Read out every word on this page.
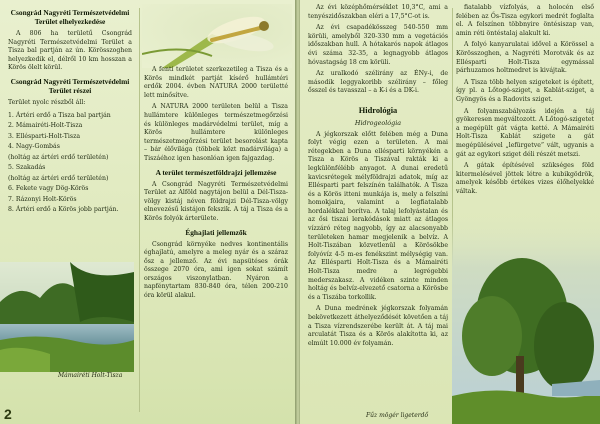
Csongrád Nagyréti Természetvédelmi Terület elhelyezkedése

A 806 ha területű Csongrád Nagyréti Természetvédelmi Terület a Tisza bal partján az ún. Körösszoghen helyezkedik el, délről 10 km hosszan a Körös ölelt körül.

Csongrád Nagyréti Természetvédelmi Terület részei

Terület nyolc részből áll:

1. Ártéri erdő a Tisza bal partján
2. Mámairéti-Holt-Tisza
3. Ellésparti-Holt-Tisza
4. Nagy-Gombás
(holtág az ártéri erdő területén)
5. Szakadás
(holtág az ártéri erdő területén)
6. Fekete vagy Dög-Körös
7. Rázonyi Holt-Körös
8. Ártéri erdő a Körös jobb partján.
Mámairéti Holt-Tisza

A fenti területet szerkezetileg a Tisza és a Körös mindkét partját kísérő hullámtéri erdők 2004. évben NATURA 2000 területté lett minősítve.

A NATURA 2000 területen belül a Tisza hullámtere különleges természetmegőrzési és különleges madárvédelmi terület, míg a Körös hullámtere különleges természetmegőrzési terület besorolást kapta – bár élővilága (többek közt madárvilága) a Tiszáéhoz igen hasonlóan igen fajgazdag.

A terület természetföldrajzi jellemzése

A Csongrád Nagyréti Természetvédelmi Terület az Alföld nagytájon belül a Dél-Tisza-völgy kistáj néven földrajzi Dél-Tisza-völgy elnevezésű kistájon fekszik. A táj a Tisza és a Körös folyók árterülete.

Éghajlati jellemzők

Csongrád környéke nedves kontinentális éghajlatú, amelyre a meleg nyár és a száraz ősz a jellemző. Az évi napsütéses órák összege 2070 óra, ami igen sokat számít országos viszonylatban. Nyáron a napfénytartam 830-840 óra, télen 200-210 óra körül alakul.

2

Az évi középhőmérséklet 10,3°C, ami a tenyészidőszakban eléri a 17,5°C-ot is.

Az évi csapadékösszeg 540-550 mm körüli, amelyből 320-330 mm a vegetációs időszakban hull. A hótakarós napok átlagos évi száma 32-35, a legnagyobb átlagos hóvastagság 18 cm körüli.

Az uralkodó szélirány az ÉNy-i, de második leggyakoribb szélirány – főleg ősszel és tavasszal – a K-i és a DK-i.

Hidrológia
Hidrogeológia

A jégkorszak előtt felében még a Duna folyt végig ezen a területen. A mai rétegekben a Duna ellésparti környékén a Tisza a Körös a Tiszával rakták ki a legkülönfélébb anyagot. A dunai eredetű kavicsrétegek mélyföldrajzi adatok, míg az Ellésparti part felszínén találhatók. A Tisza és a Körös itteni munkája is, mely a felszíni homokjaira, valamint a legfiatalabb hordalékkal borítva. A talaj lefolyástalan és az ősi tiszai lerakódások miatt az átlagos vízzáró réteg nagyobb, így az alacsonyabb területeken hamar megjelenik a belvíz. A Holt-Tiszában közvetlenül a Körösökbe folyóvíz 4-5 m-es fenékszint mélységig van. Az Ellésparti Holt-Tisza és a Mámairéti Holt-Tisza medre a legrégebbi mederszakasz. A vidéken szinte minden holtág és belvíz-elvezető csatorna a Körösbe és a Tiszába torkollik.

A Duna medrének jégkorszak folyamán bekövetkezett áthelyeződését követően a táj a Tisza vízrendszerébe került át. A táj mai arculatát Tisza és a Körös alakította ki, az elmúlt 10.000 év folyamán.

Fűz mögér ligeterdő

fiatalabb vízfolyás, a holocén első felében az Ős-Tisza egykori medrét foglalta el. A felszínen többnyire öntésiszap van, amin réti öntéstalaj alakult ki.

A folyó kanyarulatai idővel a Körössel a Körösszoghen, a Nagyréti Morotvák és az Ellésparti Holt-Tisza egymással párhuzamos holtmedret is kivájtak.

A Tisza több helyen szigeteket is épített, így pl. a Lőtogó-sziget, a Kablát-sziget, a Gyöngyös és a Radovits sziget.

A folyamszabályozás idején a táj gyökeresen megváltozott. A Lőtogó-szigetet a megépült gát vágta ketté. A Mámairéti Holt-Tisza Kablát szigete a gát megépülésével „lefürgetve” vált, ugyanis a gát az egykori sziget déli részét metszi.

A gátak építésével szükséges föld kitermelésével jöttek létre a kubikgödrök, amelyek később értékes vizes élőhelyekké váltak.
